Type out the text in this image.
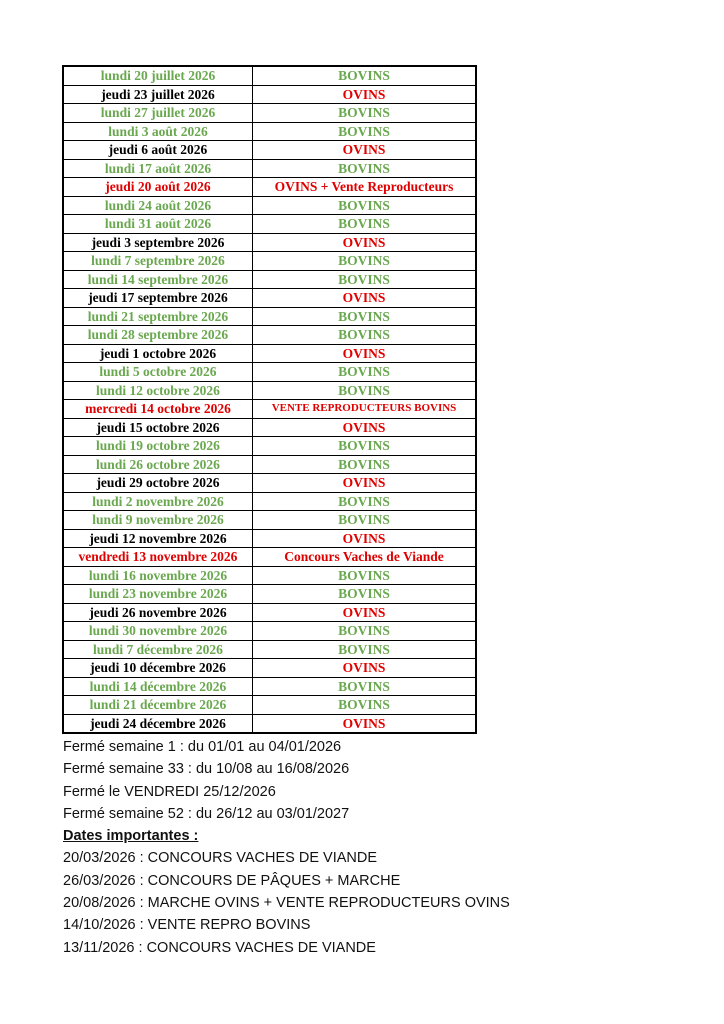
lundi 20 juillet 2026	BOVINS
jeudi 23 juillet 2026	OVINS
lundi 27 juillet 2026	BOVINS
lundi 3 août 2026	BOVINS
jeudi 6 août 2026	OVINS
lundi 17 août 2026	BOVINS
jeudi 20 août 2026	OVINS + Vente Reproducteurs
lundi 24 août 2026	BOVINS
lundi 31 août 2026	BOVINS
jeudi 3 septembre 2026	OVINS
lundi 7 septembre 2026	BOVINS
lundi 14 septembre 2026	BOVINS
jeudi 17 septembre 2026	OVINS
lundi 21 septembre 2026	BOVINS
lundi 28 septembre 2026	BOVINS
jeudi 1 octobre 2026	OVINS
lundi 5 octobre 2026	BOVINS
lundi 12 octobre 2026	BOVINS
mercredi 14 octobre 2026	VENTE REPRODUCTEURS BOVINS
jeudi 15 octobre 2026	OVINS
lundi 19 octobre 2026	BOVINS
lundi 26 octobre 2026	BOVINS
jeudi 29 octobre 2026	OVINS
lundi 2 novembre 2026	BOVINS
lundi 9 novembre 2026	BOVINS
jeudi 12 novembre 2026	OVINS
vendredi 13 novembre 2026	Concours Vaches de Viande
lundi 16 novembre 2026	BOVINS
lundi 23 novembre 2026	BOVINS
jeudi 26 novembre 2026	OVINS
lundi 30 novembre 2026	BOVINS
lundi 7 décembre 2026	BOVINS
jeudi 10 décembre 2026	OVINS
lundi 14 décembre 2026	BOVINS
lundi 21 décembre 2026	BOVINS
jeudi 24 décembre 2026	OVINS
Fermé semaine 1 : du 01/01 au 04/01/2026
Fermé semaine 33 : du 10/08 au 16/08/2026
Fermé le VENDREDI 25/12/2026
Fermé semaine 52 : du 26/12 au 03/01/2027
Dates importantes :
20/03/2026 : CONCOURS VACHES DE VIANDE
26/03/2026 : CONCOURS DE PÂQUES + MARCHE
20/08/2026 : MARCHE OVINS + VENTE REPRODUCTEURS OVINS
14/10/2026 : VENTE REPRO BOVINS
13/11/2026 : CONCOURS VACHES DE VIANDE
